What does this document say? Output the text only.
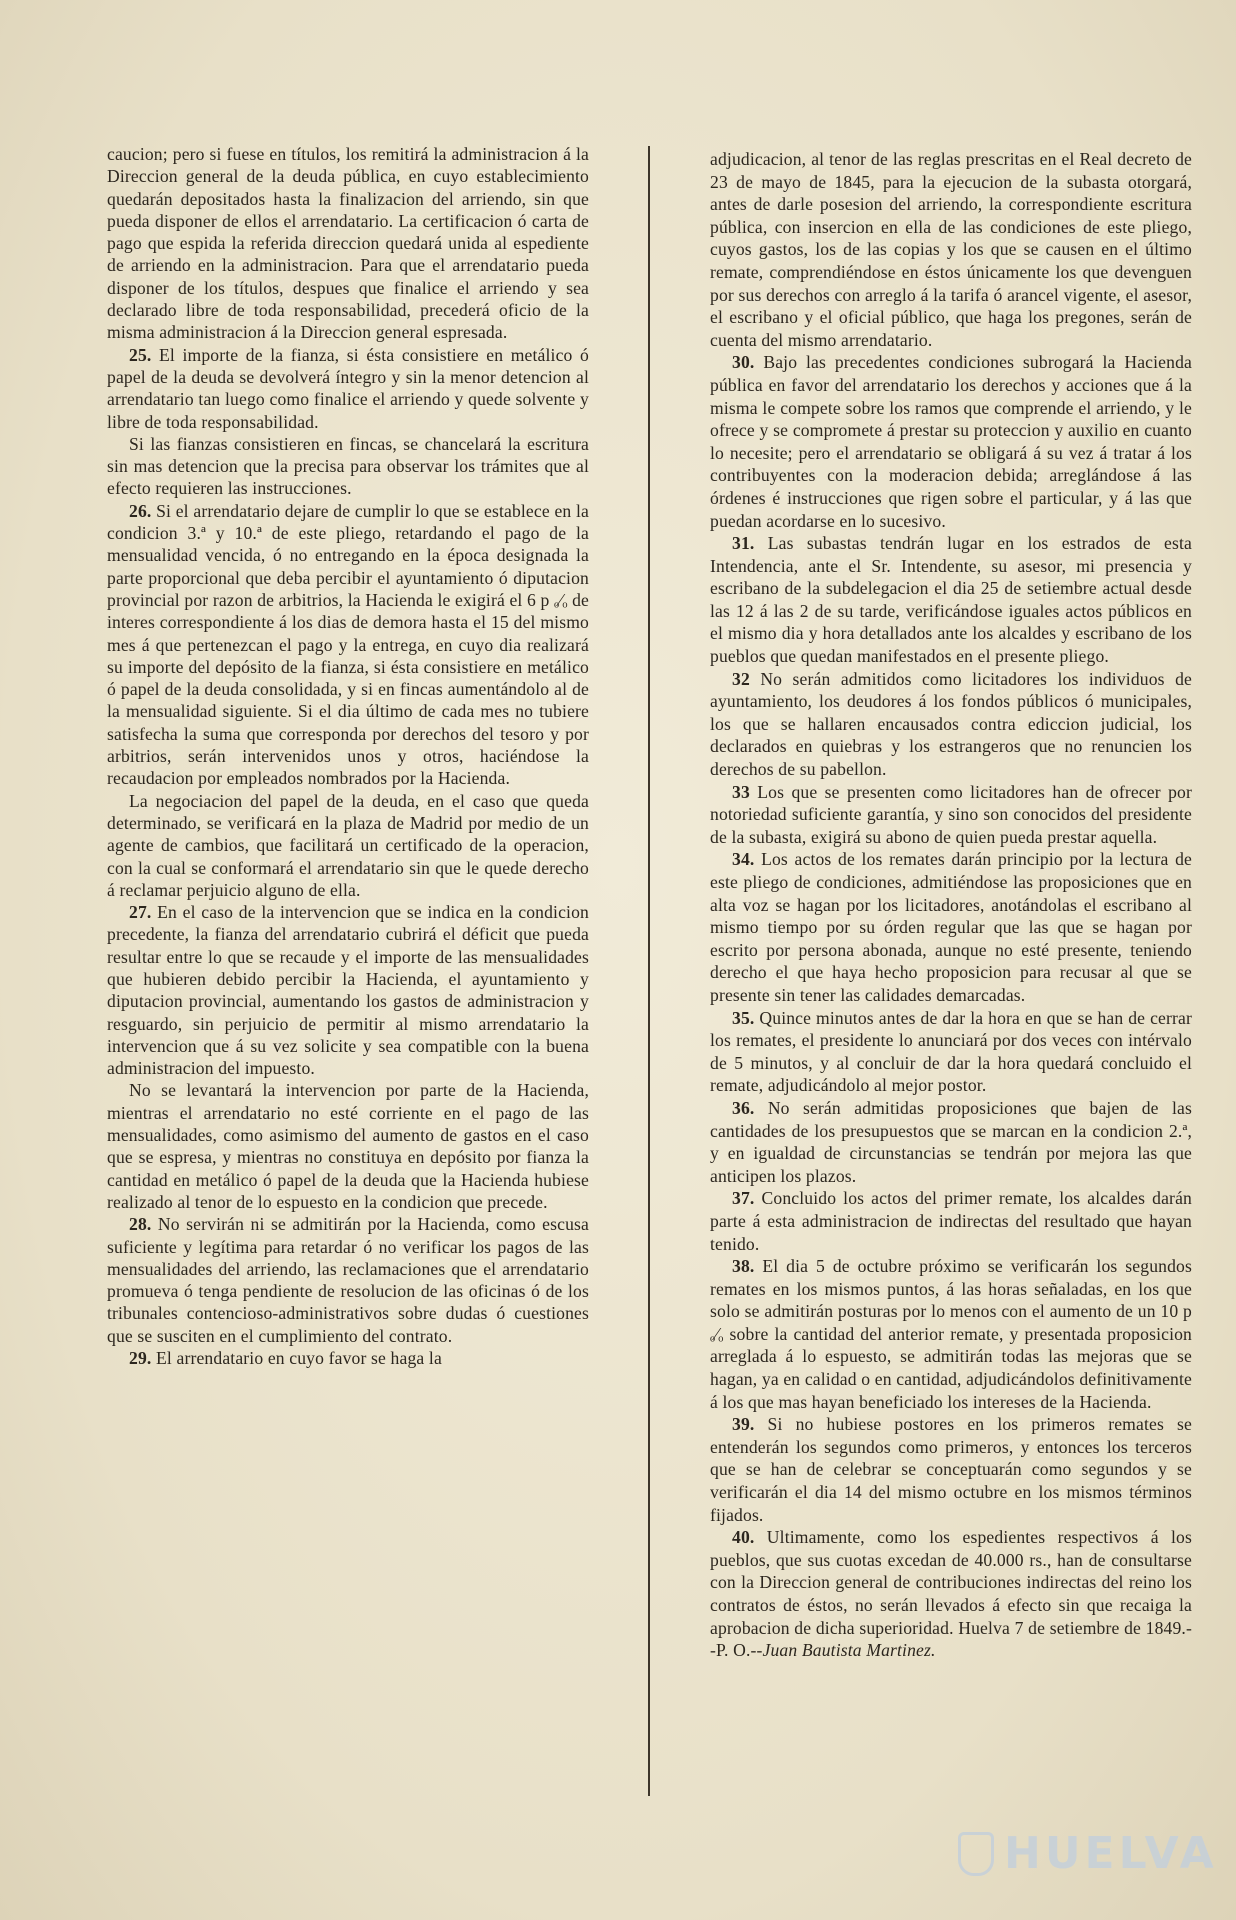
caucion; pero si fuese en títulos, los remitirá la administracion á la Direccion general de la deuda pública, en cuyo establecimiento quedarán depositados hasta la finalizacion del arriendo, sin que pueda disponer de ellos el arrendatario. La certificacion ó carta de pago que espida la referida direccion quedará unida al espediente de arriendo en la administracion. Para que el arrendatario pueda disponer de los títulos, despues que finalice el arriendo y sea declarado libre de toda responsabilidad, precederá oficio de la misma administracion á la Direccion general espresada.

25. El importe de la fianza, si ésta consistiere en metálico ó papel de la deuda se devolverá íntegro y sin la menor detencion al arrendatario tan luego como finalice el arriendo y quede solvente y libre de toda responsabilidad.

Si las fianzas consistieren en fincas, se chancelará la escritura sin mas detencion que la precisa para observar los trámites que al efecto requieren las instrucciones.

26. Si el arrendatario dejare de cumplir lo que se establece en la condicion 3.ª y 10.ª de este pliego, retardando el pago de la mensualidad vencida, ó no entregando en la época designada la parte proporcional que deba percibir el ayuntamiento ó diputacion provincial por razon de arbitrios, la Hacienda le exigirá el 6 p ₒ⁄ₒ de interes correspondiente á los dias de demora hasta el 15 del mismo mes á que pertenezcan el pago y la entrega, en cuyo dia realizará su importe del depósito de la fianza, si ésta consistiere en metálico ó papel de la deuda consolidada, y si en fincas aumentándolo al de la mensualidad siguiente. Si el dia último de cada mes no tubiere satisfecha la suma que corresponda por derechos del tesoro y por arbitrios, serán intervenidos unos y otros, haciéndose la recaudacion por empleados nombrados por la Hacienda.

La negociacion del papel de la deuda, en el caso que queda determinado, se verificará en la plaza de Madrid por medio de un agente de cambios, que facilitará un certificado de la operacion, con la cual se conformará el arrendatario sin que le quede derecho á reclamar perjuicio alguno de ella.

27. En el caso de la intervencion que se indica en la condicion precedente, la fianza del arrendatario cubrirá el déficit que pueda resultar entre lo que se recaude y el importe de las mensualidades que hubieren debido percibir la Hacienda, el ayuntamiento y diputacion provincial, aumentando los gastos de administracion y resguardo, sin perjuicio de permitir al mismo arrendatario la intervencion que á su vez solicite y sea compatible con la buena administracion del impuesto.

No se levantará la intervencion por parte de la Hacienda, mientras el arrendatario no esté corriente en el pago de las mensualidades, como asimismo del aumento de gastos en el caso que se espresa, y mientras no constituya en depósito por fianza la cantidad en metálico ó papel de la deuda que la Hacienda hubiese realizado al tenor de lo espuesto en la condicion que precede.

28. No servirán ni se admitirán por la Hacienda, como escusa suficiente y legítima para retardar ó no verificar los pagos de las mensualidades del arriendo, las reclamaciones que el arrendatario promueva ó tenga pendiente de resolucion de las oficinas ó de los tribunales contencioso-administrativos sobre dudas ó cuestiones que se susciten en el cumplimiento del contrato.

29. El arrendatario en cuyo favor se haga la

adjudicacion, al tenor de las reglas prescritas en el Real decreto de 23 de mayo de 1845, para la ejecucion de la subasta otorgará, antes de darle posesion del arriendo, la correspondiente escritura pública, con insercion en ella de las condiciones de este pliego, cuyos gastos, los de las copias y los que se causen en el último remate, comprendiéndose en éstos únicamente los que devenguen por sus derechos con arreglo á la tarifa ó arancel vigente, el asesor, el escribano y el oficial público, que haga los pregones, serán de cuenta del mismo arrendatario.

30. Bajo las precedentes condiciones subrogará la Hacienda pública en favor del arrendatario los derechos y acciones que á la misma le compete sobre los ramos que comprende el arriendo, y le ofrece y se compromete á prestar su proteccion y auxilio en cuanto lo necesite; pero el arrendatario se obligará á su vez á tratar á los contribuyentes con la moderacion debida; arreglándose á las órdenes é instrucciones que rigen sobre el particular, y á las que puedan acordarse en lo sucesivo.

31. Las subastas tendrán lugar en los estrados de esta Intendencia, ante el Sr. Intendente, su asesor, mi presencia y escribano de la subdelegacion el dia 25 de setiembre actual desde las 12 á las 2 de su tarde, verificándose iguales actos públicos en el mismo dia y hora detallados ante los alcaldes y escribano de los pueblos que quedan manifestados en el presente pliego.

32 No serán admitidos como licitadores los individuos de ayuntamiento, los deudores á los fondos públicos ó municipales, los que se hallaren encausados contra ediccion judicial, los declarados en quiebras y los estrangeros que no renuncien los derechos de su pabellon.

33 Los que se presenten como licitadores han de ofrecer por notoriedad suficiente garantía, y sino son conocidos del presidente de la subasta, exigirá su abono de quien pueda prestar aquella.

34. Los actos de los remates darán principio por la lectura de este pliego de condiciones, admitiéndose las proposiciones que en alta voz se hagan por los licitadores, anotándolas el escribano al mismo tiempo por su órden regular que las que se hagan por escrito por persona abonada, aunque no esté presente, teniendo derecho el que haya hecho proposicion para recusar al que se presente sin tener las calidades demarcadas.

35. Quince minutos antes de dar la hora en que se han de cerrar los remates, el presidente lo anunciará por dos veces con intérvalo de 5 minutos, y al concluir de dar la hora quedará concluido el remate, adjudicándolo al mejor postor.

36. No serán admitidas proposiciones que bajen de las cantidades de los presupuestos que se marcan en la condicion 2.ª, y en igualdad de circunstancias se tendrán por mejora las que anticipen los plazos.

37. Concluido los actos del primer remate, los alcaldes darán parte á esta administracion de indirectas del resultado que hayan tenido.

38. El dia 5 de octubre próximo se verificarán los segundos remates en los mismos puntos, á las horas señaladas, en los que solo se admitirán posturas por lo menos con el aumento de un 10 p ₒ⁄ₒ sobre la cantidad del anterior remate, y presentada proposicion arreglada á lo espuesto, se admitirán todas las mejoras que se hagan, ya en calidad o en cantidad, adjudicándolos definitivamente á los que mas hayan beneficiado los intereses de la Hacienda.

39. Si no hubiese postores en los primeros remates se entenderán los segundos como primeros, y entonces los terceros que se han de celebrar se conceptuarán como segundos y se verificarán el dia 14 del mismo octubre en los mismos términos fijados.

40. Ultimamente, como los espedientes respectivos á los pueblos, que sus cuotas excedan de 40.000 rs., han de consultarse con la Direccion general de contribuciones indirectas del reino los contratos de éstos, no serán llevados á efecto sin que recaiga la aprobacion de dicha superioridad. Huelva 7 de setiembre de 1849.--P. O.--Juan Bautista Martinez.

HUELVA
